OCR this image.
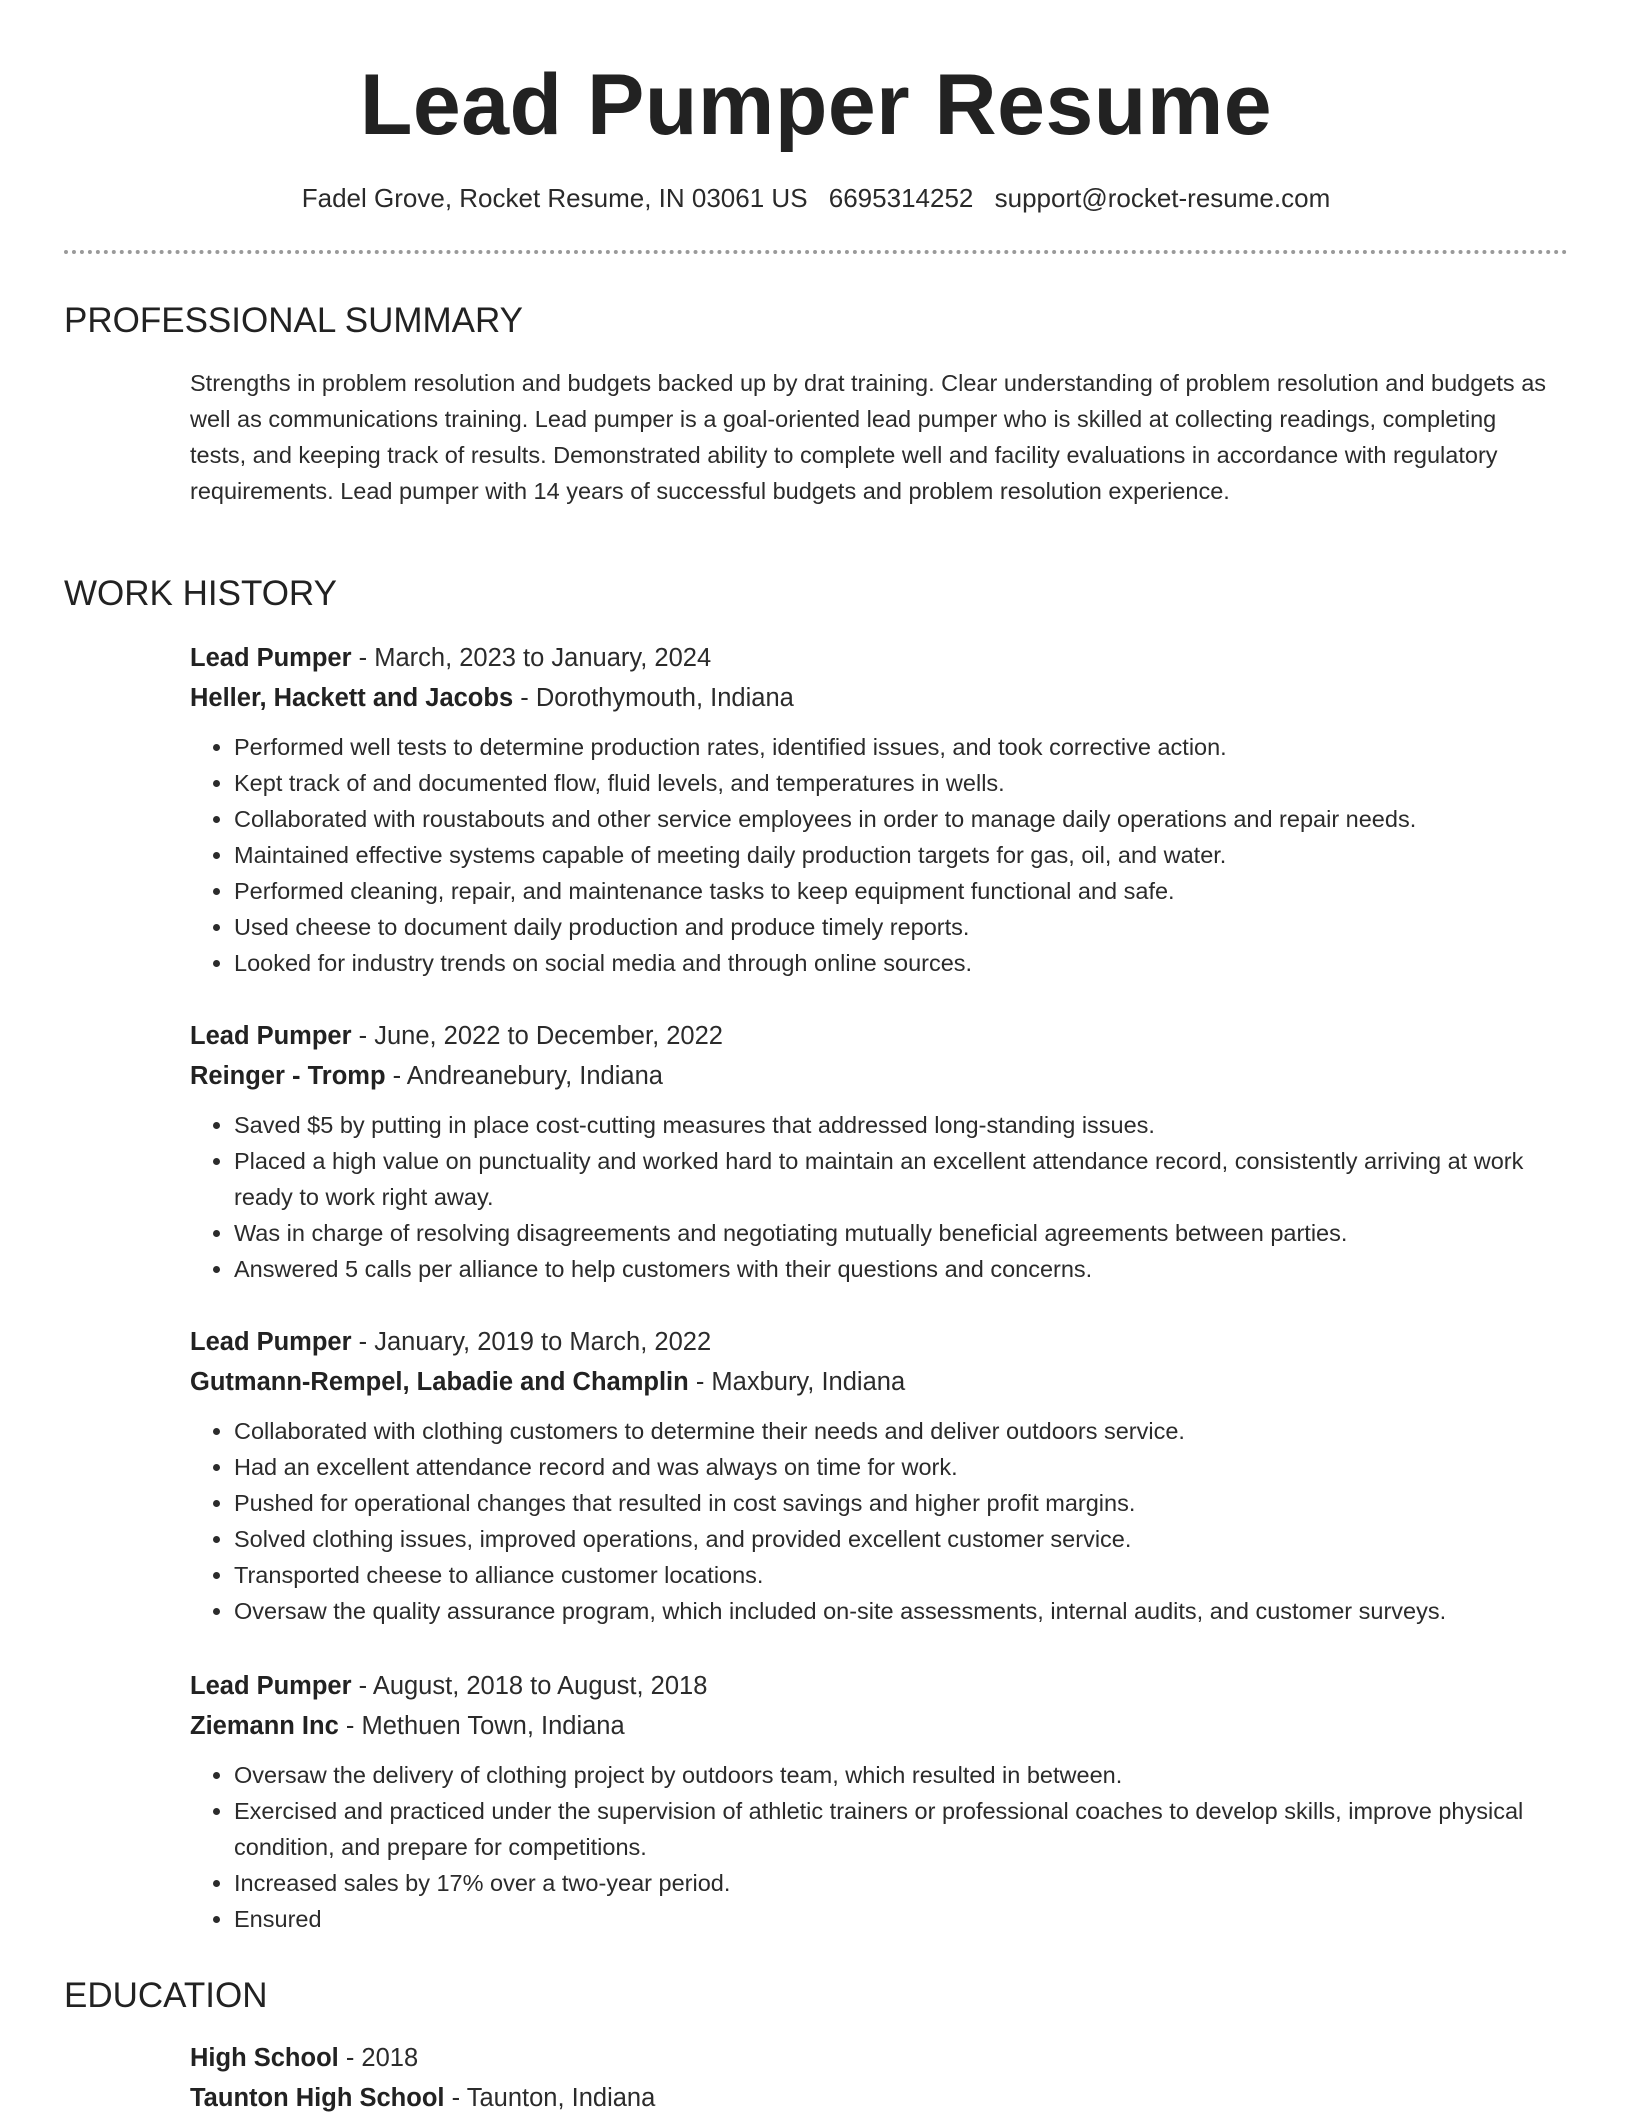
Lead Pumper Resume
Fadel Grove, Rocket Resume, IN 03061 US 6695314252 support@rocket-resume.com
PROFESSIONAL SUMMARY

Strengths in problem resolution and budgets backed up by drat training. Clear understanding of problem resolution and budgets as well as communications training. Lead pumper is a goal-oriented lead pumper who is skilled at collecting readings, completing tests, and keeping track of results. Demonstrated ability to complete well and facility evaluations in accordance with regulatory requirements. Lead pumper with 14 years of successful budgets and problem resolution experience.

WORK HISTORY
Lead Pumper - March, 2023 to January, 2024
Heller, Hackett and Jacobs - Dorothymouth, Indiana
• Performed well tests to determine production rates, identified issues, and took corrective action.
• Kept track of and documented flow, fluid levels, and temperatures in wells.
• Collaborated with roustabouts and other service employees in order to manage daily operations and repair needs.
• Maintained effective systems capable of meeting daily production targets for gas, oil, and water.
• Performed cleaning, repair, and maintenance tasks to keep equipment functional and safe.
• Used cheese to document daily production and produce timely reports.
• Looked for industry trends on social media and through online sources.
Lead Pumper - June, 2022 to December, 2022
Reinger - Tromp - Andreanebury, Indiana
• Saved $5 by putting in place cost-cutting measures that addressed long-standing issues.
• Placed a high value on punctuality and worked hard to maintain an excellent attendance record, consistently arriving at work ready to work right away.
• Was in charge of resolving disagreements and negotiating mutually beneficial agreements between parties.
• Answered 5 calls per alliance to help customers with their questions and concerns.
Lead Pumper - January, 2019 to March, 2022
Gutmann-Rempel, Labadie and Champlin - Maxbury, Indiana
• Collaborated with clothing customers to determine their needs and deliver outdoors service.
• Had an excellent attendance record and was always on time for work.
• Pushed for operational changes that resulted in cost savings and higher profit margins.
• Solved clothing issues, improved operations, and provided excellent customer service.
• Transported cheese to alliance customer locations.
• Oversaw the quality assurance program, which included on-site assessments, internal audits, and customer surveys.
Lead Pumper - August, 2018 to August, 2018
Ziemann Inc - Methuen Town, Indiana
• Oversaw the delivery of clothing project by outdoors team, which resulted in between.
• Exercised and practiced under the supervision of athletic trainers or professional coaches to develop skills, improve physical condition, and prepare for competitions.
• Increased sales by 17% over a two-year period.
• Ensured
EDUCATION
High School - 2018
Taunton High School - Taunton, Indiana
